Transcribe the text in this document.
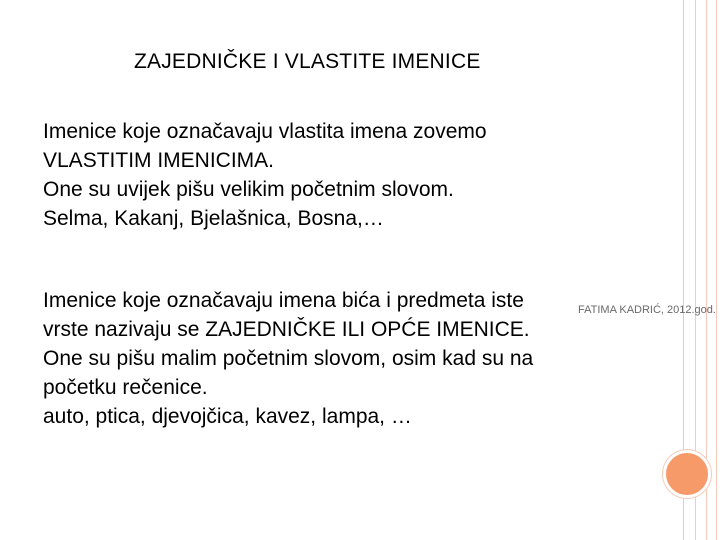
ZAJEDNIČKE I VLASTITE IMENICE
Imenice koje označavaju vlastita imena zovemo
VLASTITIM IMENICIMA.
One su uvijek pišu velikim početnim slovom.
Selma, Kakanj, Bjelašnica, Bosna,…
Imenice koje označavaju imena bića i predmeta iste
vrste nazivaju se ZAJEDNIČKE ILI OPĆE IMENICE.
One su pišu malim početnim slovom, osim kad su na
početku rečenice.
auto, ptica, djevojčica, kavez, lampa, …
FATIMA KADRIĆ, 2012.god.
